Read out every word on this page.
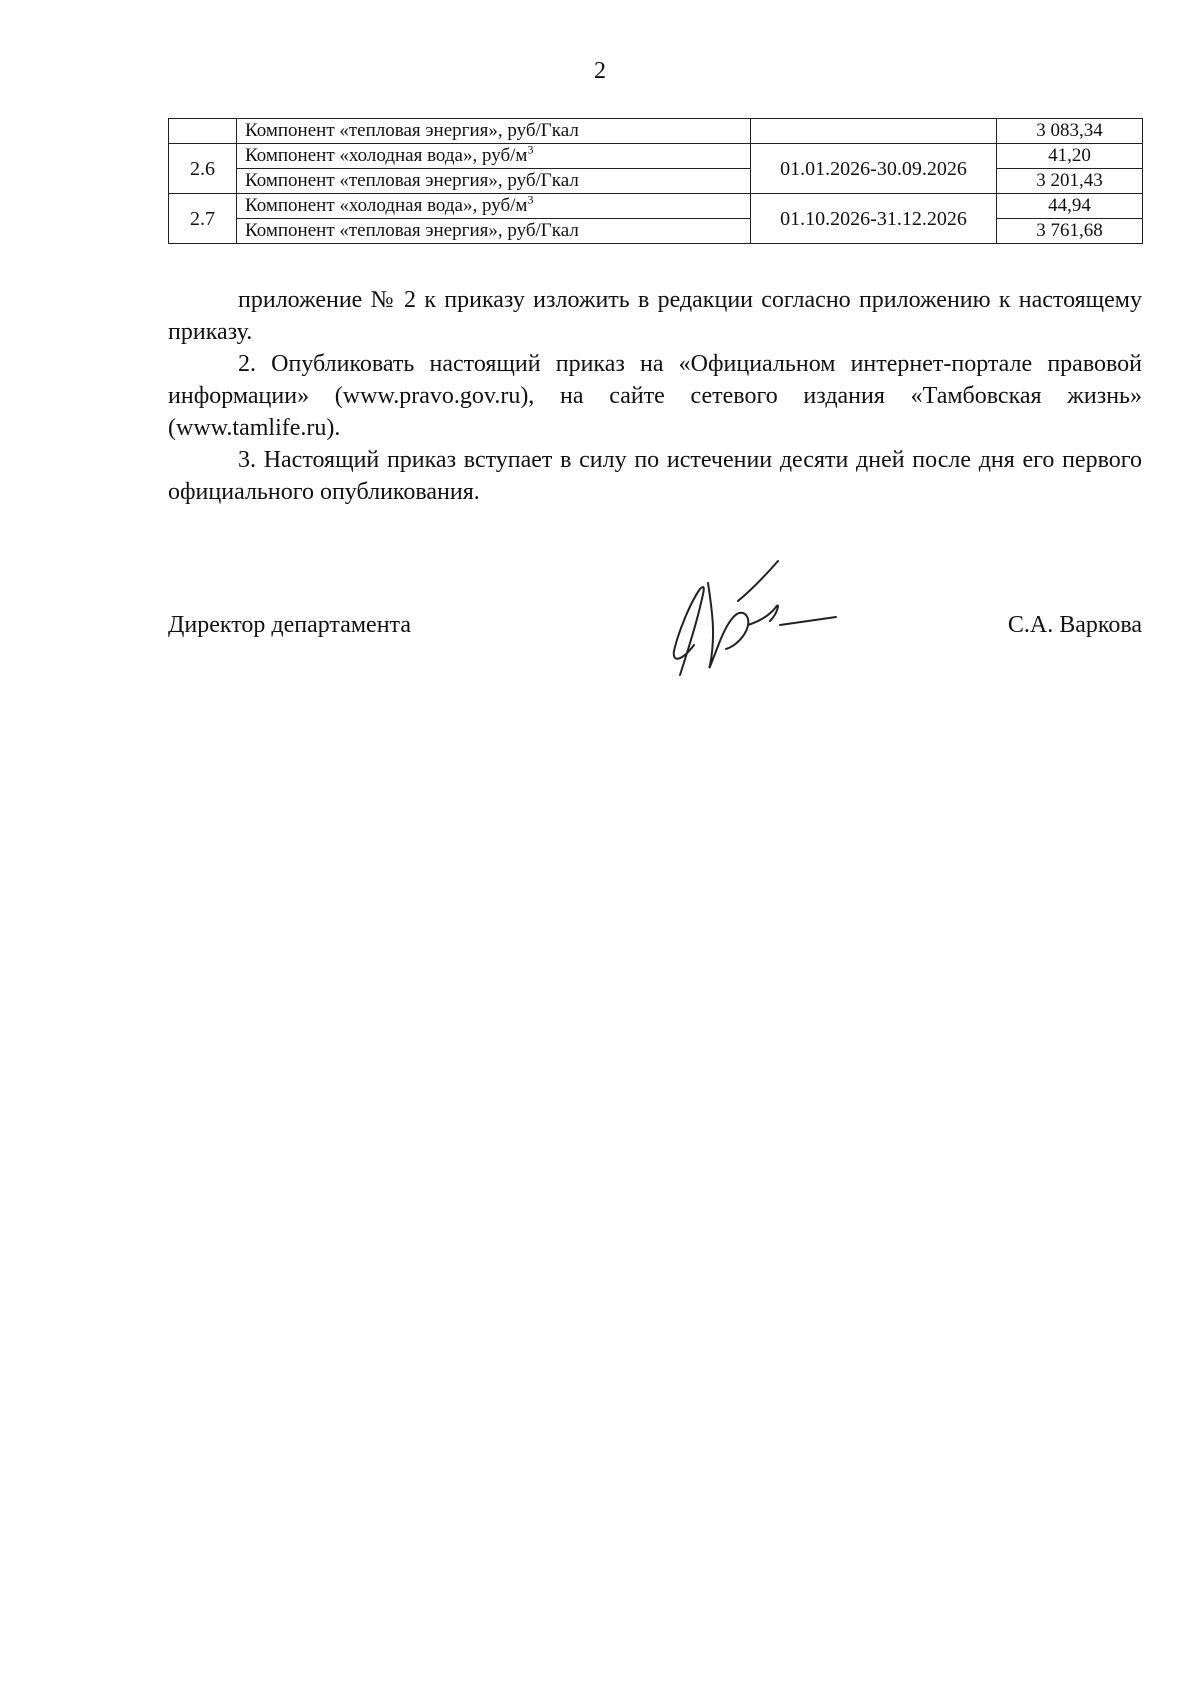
2
	Компонент «тепловая энергия», руб/Гкал		3 083,34
2.6	Компонент «холодная вода», руб/$м^3$	01.01.2026-30.09.2026	41,20
	Компонент «тепловая энергия», руб/Гкал		3 201,43
2.7	Компонент «холодная вода», руб/$м^3$	01.10.2026-31.12.2026	44,94
	Компонент «тепловая энергия», руб/Гкал		3 761,68

приложение № 2 к приказу изложить в редакции согласно приложению к настоящему приказу.

2. Опубликовать настоящий приказ на «Официальном интернет-портале правовой информации» (www.pravo.gov.ru), на сайте сетевого издания «Тамбовская жизнь» (www.tamlife.ru).

3. Настоящий приказ вступает в силу по истечении десяти дней после дня его первого официального опубликования.

Директор департамента	С.А. Варкова
